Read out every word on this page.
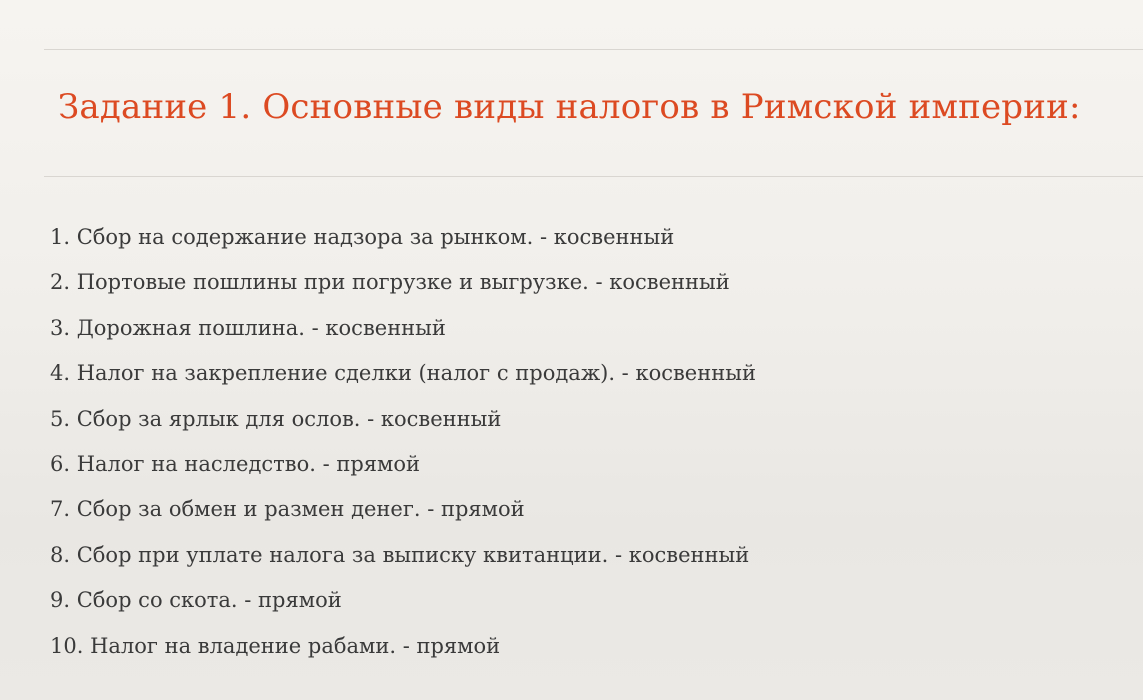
Задание 1. Основные виды налогов в Римской империи:
1. Сбор на содержание надзора за рынком. - косвенный
2. Портовые пошлины при погрузке и выгрузке. - косвенный
3. Дорожная пошлина. - косвенный
4. Налог на закрепление сделки (налог с продаж). - косвенный
5. Сбор за ярлык для ослов. - косвенный
6. Налог на наследство. - прямой
7. Сбор за обмен и размен денег. - прямой
8. Сбор при уплате налога за выписку квитанции. - косвенный
9. Сбор со скота. - прямой
10. Налог на владение рабами. - прямой
